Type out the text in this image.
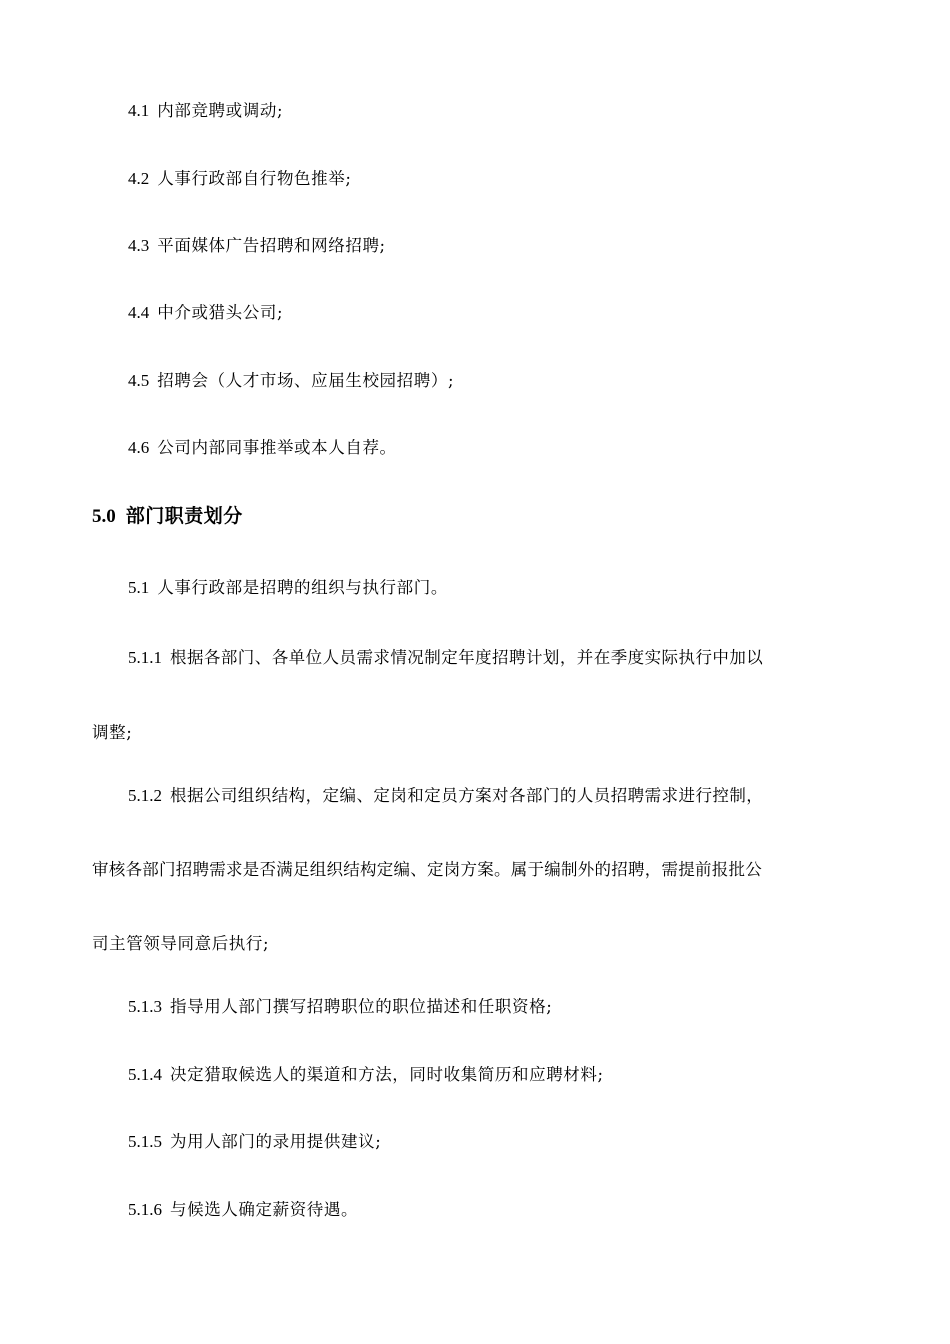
4.1 内部竞聘或调动;
4.2 人事行政部自行物色推举;
4.3 平面媒体广告招聘和网络招聘;
4.4 中介或猎头公司;
4.5 招聘会（人才市场、应届生校园招聘）;
4.6 公司内部同事推举或本人自荐。
5.0 部门职责划分
5.1 人事行政部是招聘的组织与执行部门。
5.1.1 根据各部门、各单位人员需求情况制定年度招聘计划，并在季度实际执行中加以
调整;
5.1.2 根据公司组织结构，定编、定岗和定员方案对各部门的人员招聘需求进行控制，
审核各部门招聘需求是否满足组织结构定编、定岗方案。属于编制外的招聘，需提前报批公
司主管领导同意后执行;
5.1.3 指导用人部门撰写招聘职位的职位描述和任职资格;
5.1.4 决定猎取候选人的渠道和方法，同时收集简历和应聘材料;
5.1.5 为用人部门的录用提供建议;
5.1.6 与候选人确定薪资待遇。
